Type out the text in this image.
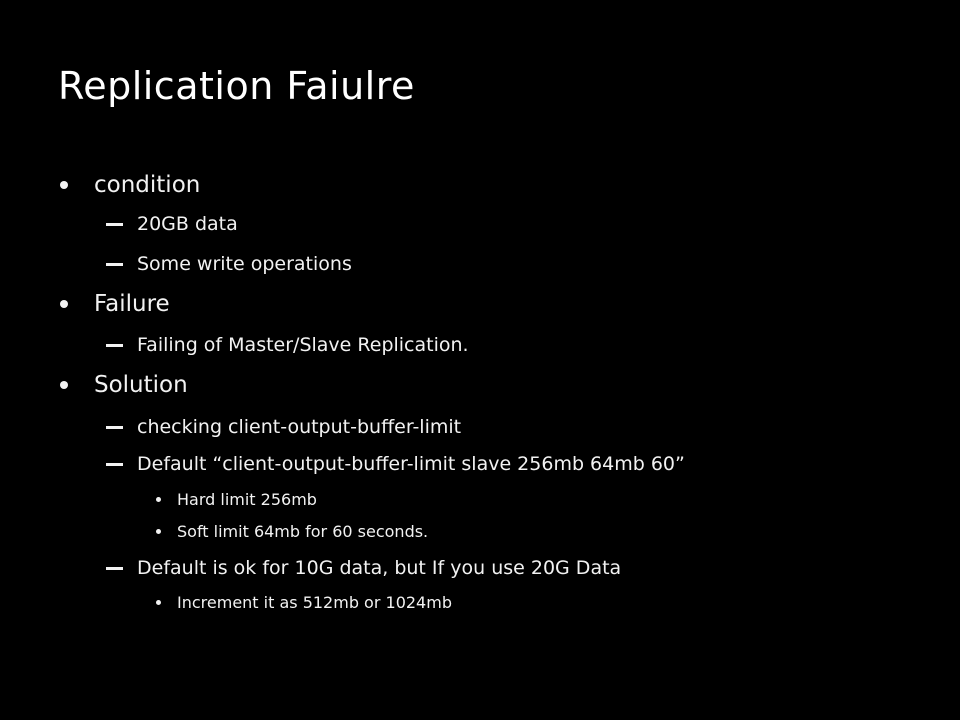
Replication Faiulre
condition
20GB data
Some write operations
Failure
Failing of Master/Slave Replication.
Solution
checking client-output-buffer-limit
Default “client-output-buffer-limit slave 256mb 64mb 60”
Hard limit 256mb
Soft limit 64mb for 60 seconds.
Default is ok for 10G data, but If you use 20G Data
Increment it as 512mb or 1024mb
